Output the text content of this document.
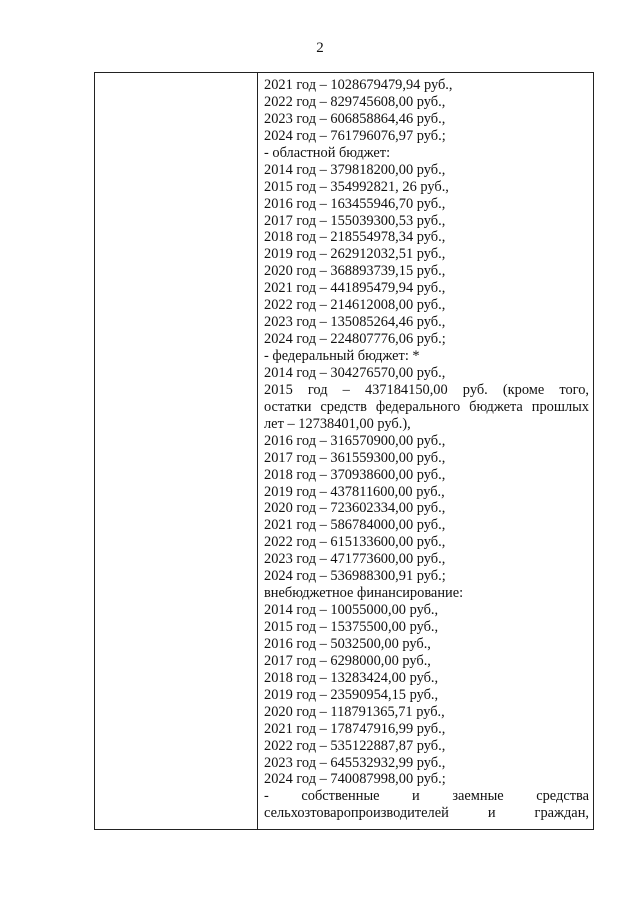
2
2021 год – 1028679479,94 руб.,
2022 год – 829745608,00 руб.,
2023 год – 606858864,46 руб.,
2024 год – 761796076,97 руб.;
- областной бюджет:
2014 год – 379818200,00 руб.,
2015 год – 354992821, 26 руб.,
2016 год – 163455946,70 руб.,
2017 год – 155039300,53 руб.,
2018 год – 218554978,34 руб.,
2019 год – 262912032,51 руб.,
2020 год – 368893739,15 руб.,
2021 год – 441895479,94 руб.,
2022 год – 214612008,00 руб.,
2023 год – 135085264,46 руб.,
2024 год – 224807776,06 руб.;
- федеральный бюджет: *
2014 год – 304276570,00 руб.,
2015 год – 437184150,00 руб. (кроме того,
остатки средств федерального бюджета прошлых
лет – 12738401,00 руб.),
2016 год – 316570900,00 руб.,
2017 год – 361559300,00 руб.,
2018 год – 370938600,00 руб.,
2019 год – 437811600,00 руб.,
2020 год – 723602334,00 руб.,
2021 год – 586784000,00 руб.,
2022 год – 615133600,00 руб.,
2023 год – 471773600,00 руб.,
2024 год – 536988300,91 руб.;
внебюджетное финансирование:
2014 год – 10055000,00 руб.,
2015 год – 15375500,00 руб.,
2016 год – 5032500,00 руб.,
2017 год – 6298000,00 руб.,
2018 год – 13283424,00 руб.,
2019 год – 23590954,15 руб.,
2020 год – 118791365,71 руб.,
2021 год – 178747916,99 руб.,
2022 год – 535122887,87 руб.,
2023 год – 645532932,99 руб.,
2024 год – 740087998,00 руб.;
- собственные и заемные средства
сельхозтоваропроизводителей и граждан,
